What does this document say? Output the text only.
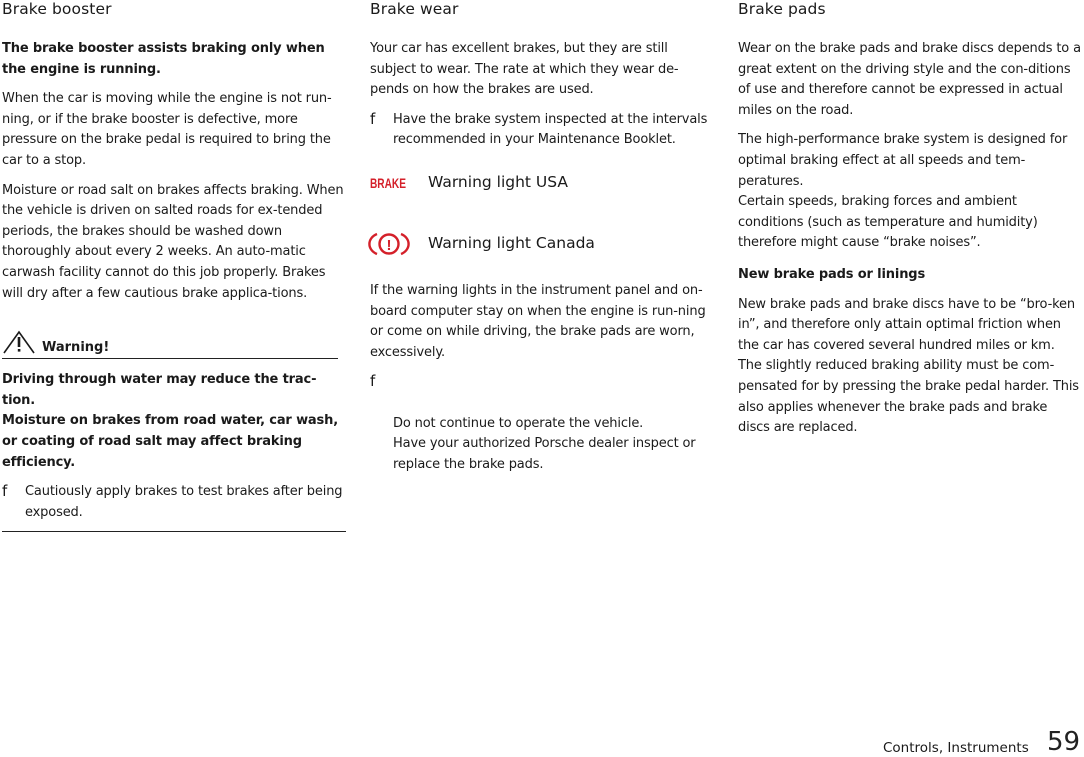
Brake booster

The brake booster assists braking only when the engine is running.

When the car is moving while the engine is not run-ning, or if the brake booster is defective, more pressure on the brake pedal is required to bring the car to a stop.

Moisture or road salt on brakes affects braking. When the vehicle is driven on salted roads for ex-tended periods, the brakes should be washed down thoroughly about every 2 weeks. An auto-matic carwash facility cannot do this job properly. Brakes will dry after a few cautious brake applica-tions.

Warning!

Driving through water may reduce the trac-tion.

Moisture on brakes from road water, car wash, or coating of road salt may affect braking efficiency.

f Cautiously apply brakes to test brakes after being exposed.
Brake wear

Your car has excellent brakes, but they are still subject to wear. The rate at which they wear de-pends on how the brakes are used.

f Have the brake system inspected at the intervals recommended in your Maintenance Booklet.
BRAKE Warning light USA
! Warning light Canada

If the warning lights in the instrument panel and on-board computer stay on when the engine is run-ning or come on while driving, the brake pads are worn, excessively.

f

Do not continue to operate the vehicle.
Have your authorized Porsche dealer inspect or replace the brake pads.

Brake pads

Wear on the brake pads and brake discs depends to a great extent on the driving style and the con-ditions of use and therefore cannot be expressed in actual miles on the road.

The high-performance brake system is designed for optimal braking effect at all speeds and tem-peratures.
Certain speeds, braking forces and ambient conditions (such as temperature and humidity) therefore might cause “brake noises”.

New brake pads or linings

New brake pads and brake discs have to be “bro-ken in”, and therefore only attain optimal friction when the car has covered several hundred miles or km.
The slightly reduced braking ability must be com-pensated for by pressing the brake pedal harder. This also applies whenever the brake pads and brake discs are replaced.

Controls, Instruments 59
